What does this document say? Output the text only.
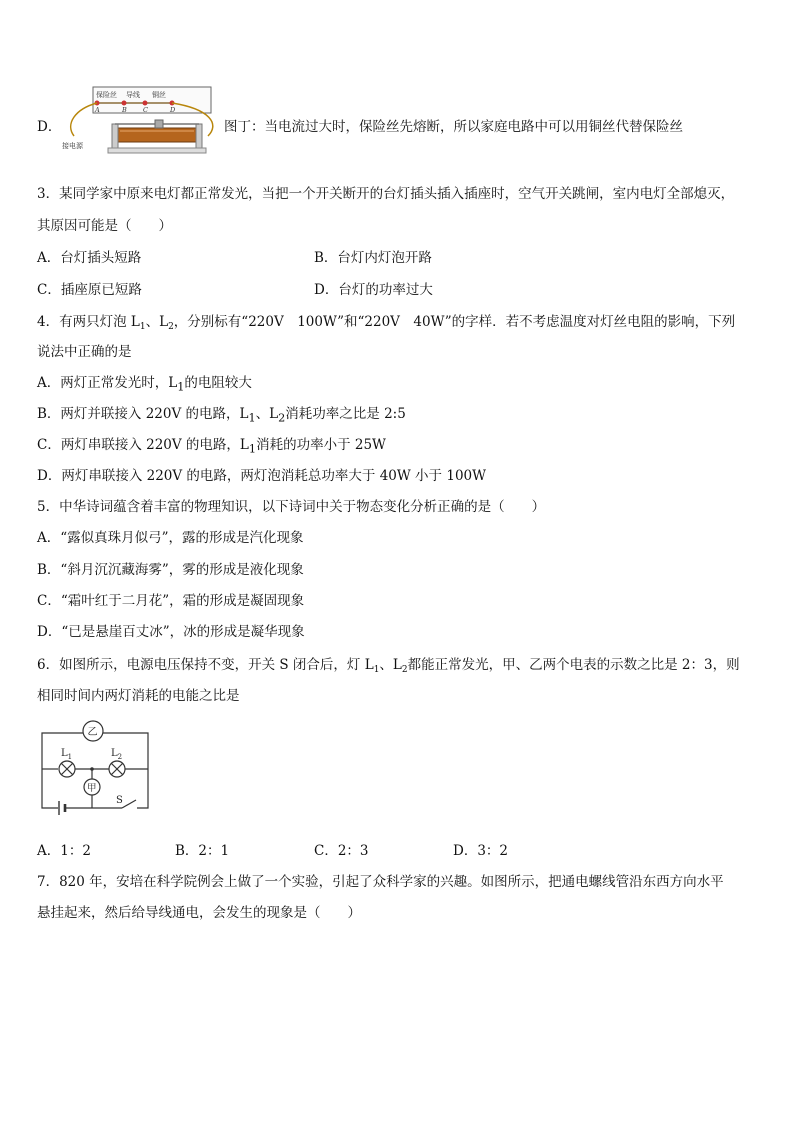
D．
保险丝 导线 铜丝
A	B C	D
接电源
图丁：当电流过大时，保险丝先熔断，所以家庭电路中可以用铜丝代替保险丝
3．某同学家中原来电灯都正常发光，当把一个开关断开的台灯插头插入插座时，空气开关跳闸，室内电灯全部熄灭，
其原因可能是（　　）
A．台灯插头短路	B．台灯内灯泡开路
C．插座原已短路	D．台灯的功率过大
4．有两只灯泡 $L_1$、$L_2$，分别标有“220V　100W”和“220V　40W”的字样．若不考虑温度对灯丝电阻的影响，下列
说法中正确的是
A．两灯正常发光时，$L_1$的电阻较大
B．两灯并联接入 220V 的电路，$L_1$、$L_2$消耗功率之比是 2:5
C．两灯串联接入 220V 的电路，$L_1$消耗的功率小于 25W
D．两灯串联接入 220V 的电路，两灯泡消耗总功率大于 40W 小于 100W
5．中华诗词蕴含着丰富的物理知识，以下诗词中关于物态变化分析正确的是（　　）
A．“露似真珠月似弓”，露的形成是汽化现象
B．“斜月沉沉藏海雾”，雾的形成是液化现象
C．“霜叶红于二月花”，霜的形成是凝固现象
D．“已是悬崖百丈冰”，冰的形成是凝华现象
6．如图所示，电源电压保持不变，开关 S 闭合后，灯 $L_1$、$L_2$都能正常发光，甲、乙两个电表的示数之比是 2：3，则
相同时间内两灯消耗的电能之比是
乙
甲
$L_1$	$L_2$
S
A．1：2	B．2：1	C．2：3	D．3：2
7．820 年，安培在科学院例会上做了一个实验，引起了众科学家的兴趣。如图所示，把通电螺线管沿东西方向水平
悬挂起来，然后给导线通电，会发生的现象是（　　）
